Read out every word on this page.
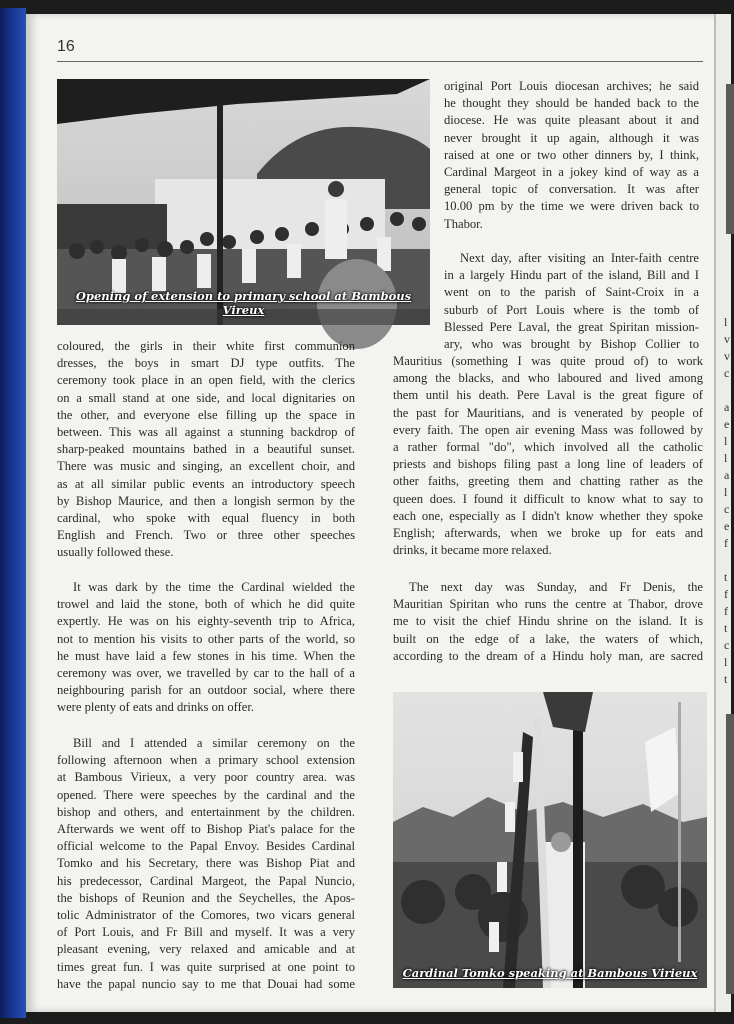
16
Opening of extension to primary school at Bambous Vireux
Cardinal Tomko speaking at Bambous Virieux
coloured, the girls in their white first communion
dresses, the boys in smart DJ type outfits. The
ceremony took place in an open field, with the clerics
on a small stand at one side, and local dignitaries on
the other, and everyone else filling up the space in
between. This was all against a stunning backdrop of
sharp-peaked mountains bathed in a beautiful sunset.
There was music and singing, an excellent choir, and
as at all similar public events an introductory speech
by Bishop Maurice, and then a longish sermon by the
cardinal, who spoke with equal fluency in both
English and French. Two or three other speeches
usually followed these.
It was dark by the time the Cardinal wielded the
trowel and laid the stone, both of which he did quite
expertly. He was on his eighty-seventh trip to Africa,
not to mention his visits to other parts of the world, so
he must have laid a few stones in his time. When the
ceremony was over, we travelled by car to the hall of a
neighbouring parish for an outdoor social, where there
were plenty of eats and drinks on offer.
Bill and I attended a similar ceremony on the
following afternoon when a primary school extension
at Bambous Virieux, a very poor country area. was
opened. There were speeches by the cardinal and the
bishop and others, and entertainment by the children.
Afterwards we went off to Bishop Piat's palace for the
official welcome to the Papal Envoy. Besides Cardinal
Tomko and his Secretary, there was Bishop Piat and
his predecessor, Cardinal Margeot, the Papal Nuncio,
the bishops of Reunion and the Seychelles, the Apos-
tolic Administrator of the Comores, two vicars general
of Port Louis, and Fr Bill and myself. It was a very
pleasant evening, very relaxed and amicable and at
times great fun. I was quite surprised at one point to
have the papal nuncio say to me that Douai had some
original Port Louis diocesan archives; he said
he thought they should be handed back to the
diocese. He was quite pleasant about it and
never brought it up again, although it was
raised at one or two other dinners by, I think,
Cardinal Margeot in a jokey kind of way as a
general topic of conversation. It was after
10.00 pm by the time we were driven back to
Thabor.
Next day, after visiting an Inter-faith centre
in a largely Hindu part of the island, Bill and I
went on to the parish of Saint-Croix in a
suburb of Port Louis where is the tomb of
Blessed Pere Laval, the great Spiritan mission-
ary, who was brought by Bishop Collier to
Mauritius (something I was quite proud of) to work
among the blacks, and who laboured and lived among
them until his death. Pere Laval is the great figure of
the past for Mauritians, and is venerated by people of
every faith. The open air evening Mass was followed by
a rather formal "do", which involved all the catholic
priests and bishops filing past a long line of leaders of
other faiths, greeting them and chatting rather as the
queen does. I found it difficult to know what to say to
each one, especially as I didn't know whether they spoke
English; afterwards, when we broke up for eats and
drinks, it became more relaxed.
The next day was Sunday, and Fr Denis, the
Mauritian Spiritan who runs the centre at Thabor, drove
me to visit the chief Hindu shrine on the island. It is
built on the edge of a lake, the waters of which,
according to the dream of a Hindu holy man, are sacred
l
v
v
c

a
e
l
l
a
l
c
e
f

t
f
f
t
c
l
t
